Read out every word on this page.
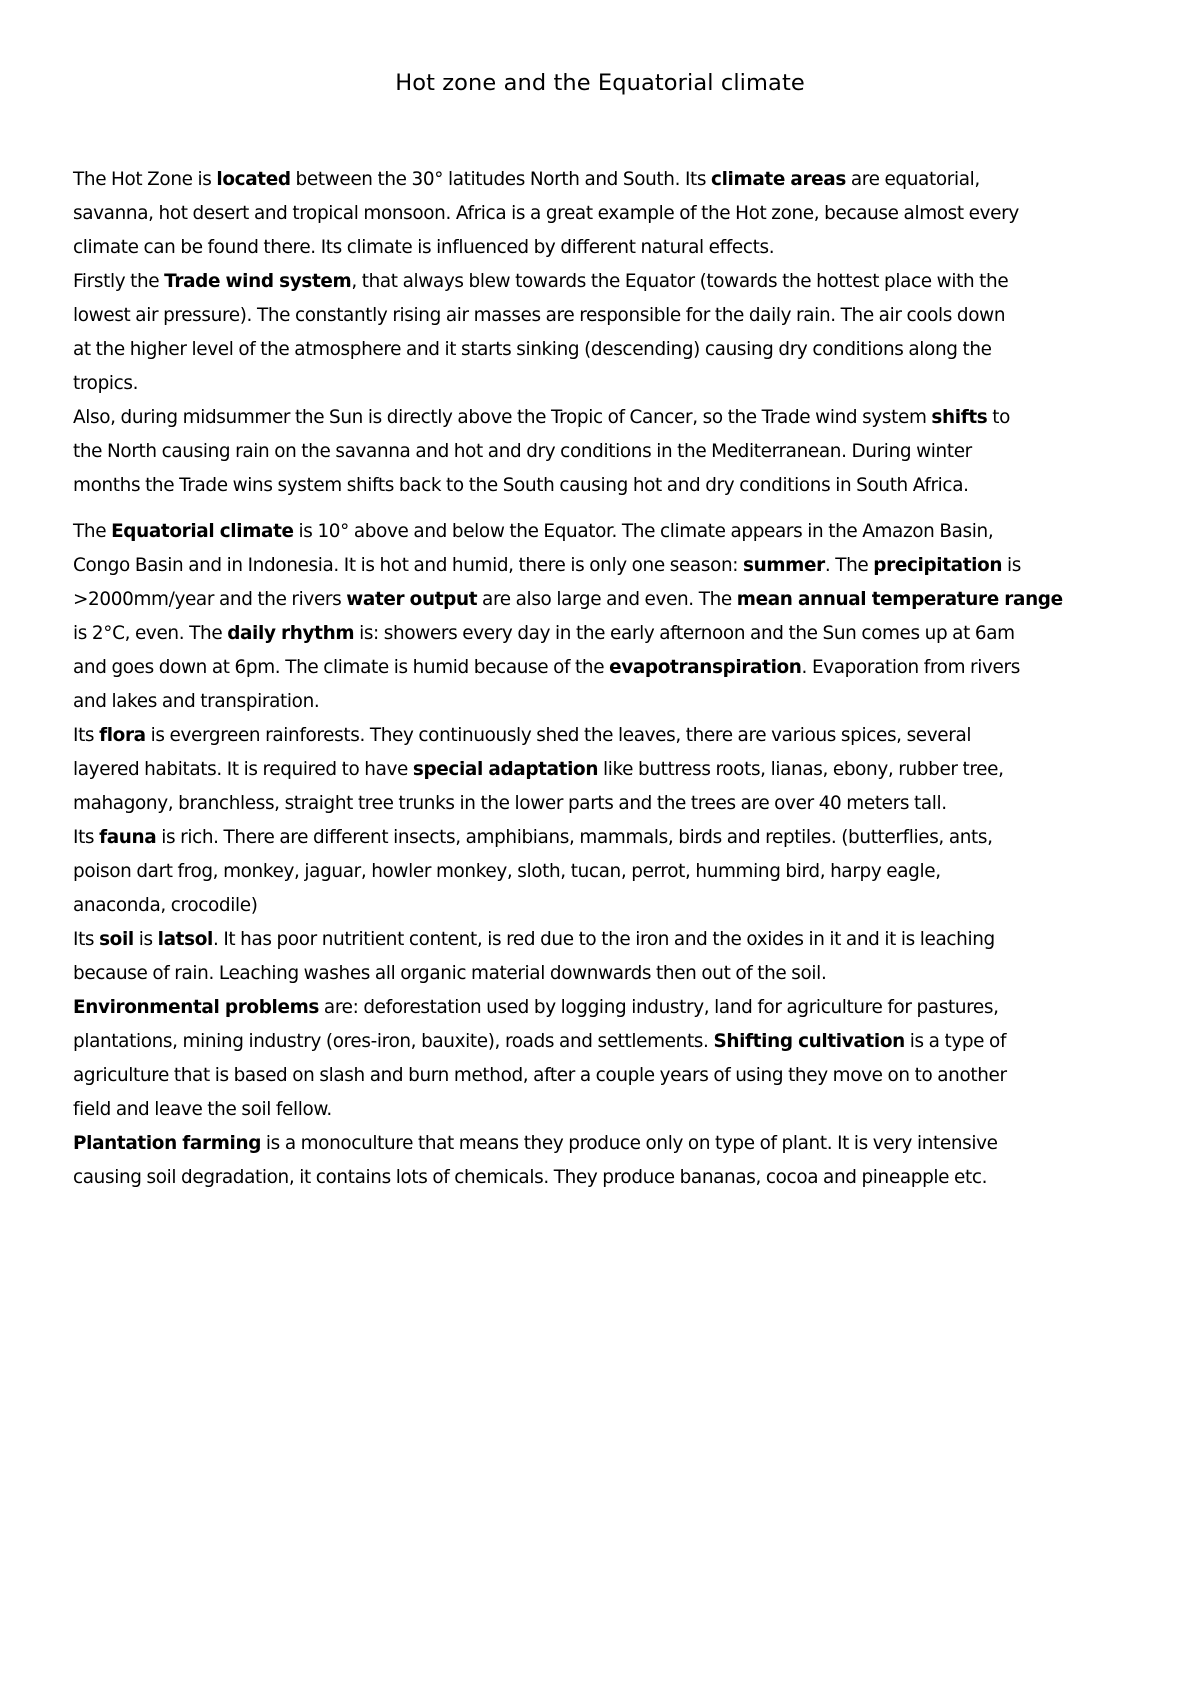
Hot zone and the Equatorial climate
The Hot Zone is located between the 30° latitudes North and South. Its climate areas are equatorial,
savanna, hot desert and tropical monsoon. Africa is a great example of the Hot zone, because almost every
climate can be found there. Its climate is influenced by different natural effects.
Firstly the Trade wind system, that always blew towards the Equator (towards the hottest place with the
lowest air pressure). The constantly rising air masses are responsible for the daily rain. The air cools down
at the higher level of the atmosphere and it starts sinking (descending) causing dry conditions along the
tropics.
Also, during midsummer the Sun is directly above the Tropic of Cancer, so the Trade wind system shifts to
the North causing rain on the savanna and hot and dry conditions in the Mediterranean. During winter
months the Trade wins system shifts back to the South causing hot and dry conditions in South Africa.
The Equatorial climate is 10° above and below the Equator. The climate appears in the Amazon Basin,
Congo Basin and in Indonesia. It is hot and humid, there is only one season: summer. The precipitation is
>2000mm/year and the rivers water output are also large and even. The mean annual temperature range
is 2°C, even. The daily rhythm is: showers every day in the early afternoon and the Sun comes up at 6am
and goes down at 6pm. The climate is humid because of the evapotranspiration. Evaporation from rivers
and lakes and transpiration.
Its flora is evergreen rainforests. They continuously shed the leaves, there are various spices, several
layered habitats. It is required to have special adaptation like buttress roots, lianas, ebony, rubber tree,
mahagony, branchless, straight tree trunks in the lower parts and the trees are over 40 meters tall.
Its fauna is rich. There are different insects, amphibians, mammals, birds and reptiles. (butterflies, ants,
poison dart frog, monkey, jaguar, howler monkey, sloth, tucan, perrot, humming bird, harpy eagle,
anaconda, crocodile)
Its soil is latsol. It has poor nutritient content, is red due to the iron and the oxides in it and it is leaching
because of rain. Leaching washes all organic material downwards then out of the soil.
Environmental problems are: deforestation used by logging industry, land for agriculture for pastures,
plantations, mining industry (ores-iron, bauxite), roads and settlements. Shifting cultivation is a type of
agriculture that is based on slash and burn method, after a couple years of using they move on to another
field and leave the soil fellow.
Plantation farming is a monoculture that means they produce only on type of plant. It is very intensive
causing soil degradation, it contains lots of chemicals. They produce bananas, cocoa and pineapple etc.
